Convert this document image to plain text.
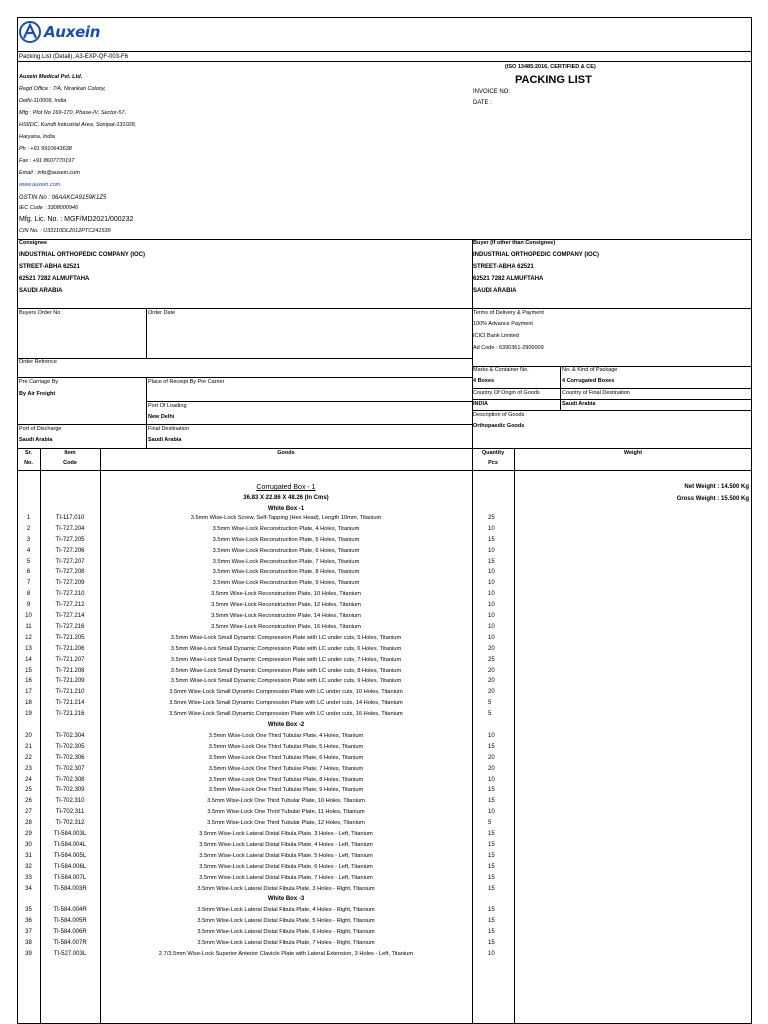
Auxein
Packing List (Detail), A3-EXP-QF-003-F6
Auxein Medical Pvt. Ltd.
Regd Office : 7/A, Nirankari Colony,
Delhi-110009, India
Mfg : Plot No 169-170, Phase-IV, Sector-57,
HSIIDC, Kundli Industrial Area, Sonipat-131028,
Haryana, India
Ph : +91 9910643638
Fax : +91 8607770197
Email : info@auxein.com
www.auxein.com
GSTIN No : 06AAKCA9159K1Z5
IEC Code : 3308000946
Mfg. Lic. No. : MGF/MD2021/000232
CIN No. : U33110DL2012PTC241539
(ISO 13485:2016, CERTIFIED & CE)
PACKING LIST
INVOICE NO:
DATE :
Consignee
INDUSTRIAL ORTHOPEDIC COMPANY (IOC)
STREET-ABHA 62521
62521 7282 ALMUFTAHA
SAUDI ARABIA
Buyer (If other than Consignee)
INDUSTRIAL ORTHOPEDIC COMPANY (IOC)
STREET-ABHA 62521
62521 7282 ALMUFTAHA
SAUDI ARABIA
Buyers Order No	Order Date
Order Refrence
Terms of Delivery & Payment
100% Advance Payment
ICICI Bank Limited
Ad Code : 6390361-2900009
Marks & Container No.
4 Boxes
No. & Kind of Package
4 Corrugated Boxes
Country Of Origin of Goods	Country of Final Destination
INDIA	Saudi Arabia
Description of Goods
Orthopaedic Goods
Pre Carriage By
By Air Freight
Place of Receipt By Pre Carrier
Port Of Loading
New Delhi
Port of Discharge
Saudi Arabia
Final Destination
Saudi Arabia
Sr.
No.
Item
Code
Goods	Quantity
Pcs
Weight
Corrugated Box - 1
36.83 X 22.86 X 48.26 (In Cms)
White Box -1
Net Weight : 14.500 Kg
Gross Weight : 15.500 Kg
1	TI-117.010	3.5mm Wise-Lock Screw, Self-Tapping (Hex Head), Length 10mm, Titanium	25
2	TI-727.204	3.5mm Wise-Lock Reconstruction Plate, 4 Holes, Titanium	10
3	TI-727.205	3.5mm Wise-Lock Reconstruction Plate, 5 Holes, Titanium	15
4	TI-727.206	3.5mm Wise-Lock Reconstruction Plate, 6 Holes, Titanium	10
5	TI-727.207	3.5mm Wise-Lock Reconstruction Plate, 7 Holes, Titanium	15
6	TI-727.208	3.5mm Wise-Lock Reconstruction Plate, 8 Holes, Titanium	10
7	TI-727.209	3.5mm Wise-Lock Reconstruction Plate, 9 Holes, Titanium	10
8	TI-727.210	3.5mm Wise-Lock Reconstruction Plate, 10 Holes, Titanium	10
9	TI-727.212	3.5mm Wise-Lock Reconstruction Plate, 12 Holes, Titanium	10
10	TI-727.214	3.5mm Wise-Lock Reconstruction Plate, 14 Holes, Titanium	10
11	TI-727.216	3.5mm Wise-Lock Reconstruction Plate, 16 Holes, Titanium	10
12	TI-721.205	3.5mm Wise-Lock Small Dynamic Compression Plate with LC under cuts, 5 Holes, Titanium	10
13	TI-721.206	3.5mm Wise-Lock Small Dynamic Compression Plate with LC under cuts, 6 Holes, Titanium	20
14	TI-721.207	3.5mm Wise-Lock Small Dynamic Compression Plate with LC under cuts, 7 Holes, Titanium	25
15	TI-721.208	3.5mm Wise-Lock Small Dynamic Compression Plate with LC under cuts, 8 Holes, Titanium	20
16	TI-721.209	3.5mm Wise-Lock Small Dynamic Compression Plate with LC under cuts, 9 Holes, Titanium	20
17	TI-721.210	3.5mm Wise-Lock Small Dynamic Compression Plate with LC under cuts, 10 Holes, Titanium	20
18	TI-721.214	3.5mm Wise-Lock Small Dynamic Compression Plate with LC under cuts, 14 Holes, Titanium	5
19	TI-721.216	3.5mm Wise-Lock Small Dynamic Compression Plate with LC under cuts, 16 Holes, Titanium	5
White Box -2
20	TI-702.304	3.5mm Wise-Lock One Third Tubular Plate, 4 Holes, Titanium	10
21	TI-702.305	3.5mm Wise-Lock One Third Tubular Plate, 5 Holes, Titanium	15
22	TI-702.306	3.5mm Wise-Lock One Third Tubular Plate, 6 Holes, Titanium	20
23	TI-702.307	3.5mm Wise-Lock One Third Tubular Plate, 7 Holes, Titanium	20
24	TI-702.308	3.5mm Wise-Lock One Third Tubular Plate, 8 Holes, Titanium	10
25	TI-702.309	3.5mm Wise-Lock One Third Tubular Plate, 9 Holes, Titanium	15
26	TI-702.310	3.5mm Wise-Lock One Third Tubular Plate, 10 Holes, Titanium	15
27	TI-702.311	3.5mm Wise-Lock One Third Tubular Plate, 11 Holes, Titanium	10
28	TI-702.312	3.5mm Wise-Lock One Third Tubular Plate, 12 Holes, Titanium	5
29	TI-584.003L	3.5mm Wise-Lock Lateral Distal Fibula Plate, 3 Holes - Left, Titanium	15
30	TI-584.004L	3.5mm Wise-Lock Lateral Distal Fibula Plate, 4 Holes - Left, Titanium	15
31	TI-584.005L	3.5mm Wise-Lock Lateral Distal Fibula Plate, 5 Holes - Left, Titanium	15
32	TI-584.006L	3.5mm Wise-Lock Lateral Distal Fibula Plate, 6 Holes - Left, Titanium	15
33	TI-584.007L	3.5mm Wise-Lock Lateral Distal Fibula Plate, 7 Holes - Left, Titanium	15
34	TI-584.003R	3.5mm Wise-Lock Lateral Distal Fibula Plate, 3 Holes - Right, Titanium	15
White Box -3
35	TI-584.004R	3.5mm Wise-Lock Lateral Distal Fibula Plate, 4 Holes - Right, Titanium	15
36	TI-584.005R	3.5mm Wise-Lock Lateral Distal Fibula Plate, 5 Holes - Right, Titanium	15
37	TI-584.006R	3.5mm Wise-Lock Lateral Distal Fibula Plate, 6 Holes - Right, Titanium	15
38	TI-584.007R	3.5mm Wise-Lock Lateral Distal Fibula Plate, 7 Holes - Right, Titanium	15
39	TI-527.003L	2.7/3.5mm Wise-Lock Superior Anterior Clavicle Plate with Lateral Extension, 3 Holes - Left, Titanium	10
